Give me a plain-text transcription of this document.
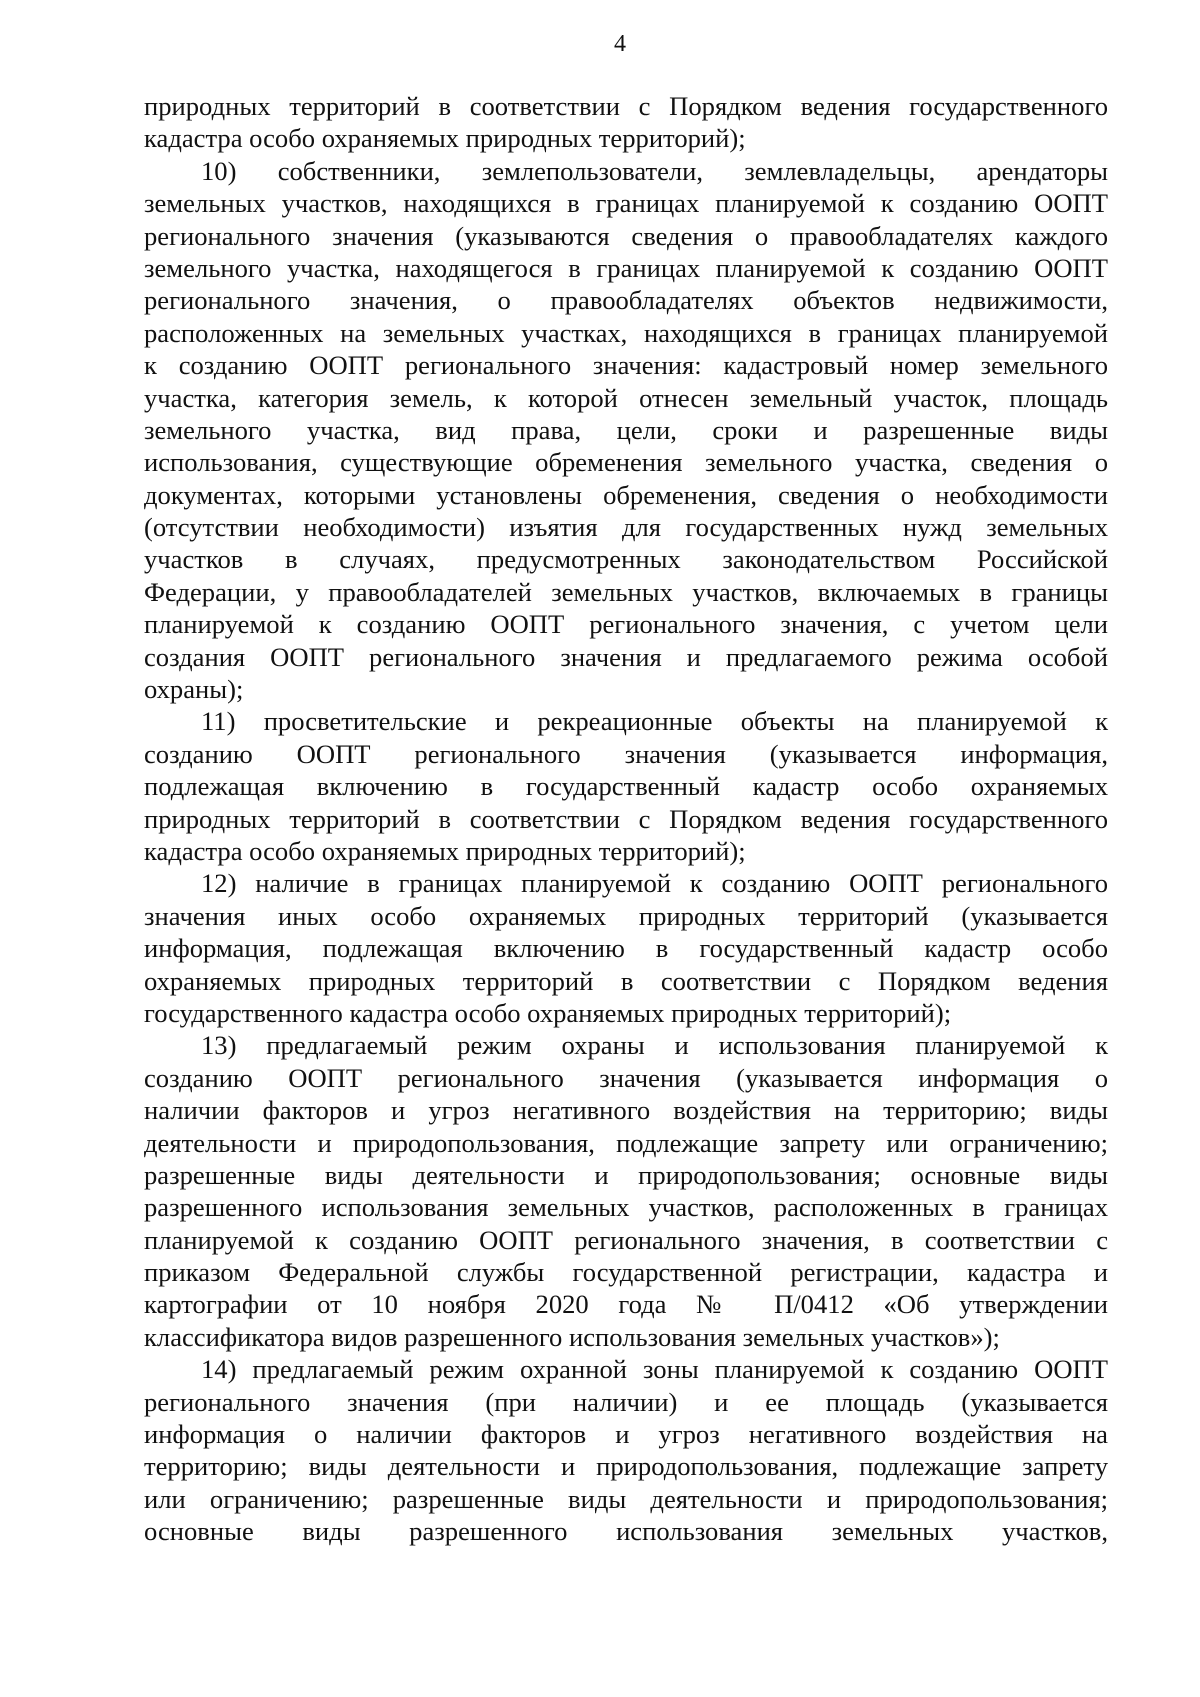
4
природных территорий в соответствии с Порядком ведения государственного
кадастра особо охраняемых природных территорий);
10) собственники, землепользователи, землевладельцы, арендаторы
земельных участков, находящихся в границах планируемой к созданию ООПТ
регионального значения (указываются сведения о правообладателях каждого
земельного участка, находящегося в границах планируемой к созданию ООПТ
регионального значения, о правообладателях объектов недвижимости,
расположенных на земельных участках, находящихся в границах планируемой
к созданию ООПТ регионального значения: кадастровый номер земельного
участка, категория земель, к которой отнесен земельный участок, площадь
земельного участка, вид права, цели, сроки и разрешенные виды
использования, существующие обременения земельного участка, сведения о
документах, которыми установлены обременения, сведения о необходимости
(отсутствии необходимости) изъятия для государственных нужд земельных
участков в случаях, предусмотренных законодательством Российской
Федерации, у правообладателей земельных участков, включаемых в границы
планируемой к созданию ООПТ регионального значения, с учетом цели
создания ООПТ регионального значения и предлагаемого режима особой
охраны);
11) просветительские и рекреационные объекты на планируемой к
созданию ООПТ регионального значения (указывается информация,
подлежащая включению в государственный кадастр особо охраняемых
природных территорий в соответствии с Порядком ведения государственного
кадастра особо охраняемых природных территорий);
12) наличие в границах планируемой к созданию ООПТ регионального
значения иных особо охраняемых природных территорий (указывается
информация, подлежащая включению в государственный кадастр особо
охраняемых природных территорий в соответствии с Порядком ведения
государственного кадастра особо охраняемых природных территорий);
13) предлагаемый режим охраны и использования планируемой к
созданию ООПТ регионального значения (указывается информация о
наличии факторов и угроз негативного воздействия на территорию; виды
деятельности и природопользования, подлежащие запрету или ограничению;
разрешенные виды деятельности и природопользования; основные виды
разрешенного использования земельных участков, расположенных в границах
планируемой к созданию ООПТ регионального значения, в соответствии с
приказом Федеральной службы государственной регистрации, кадастра и
картографии от 10 ноября 2020 года № П/0412 «Об утверждении
классификатора видов разрешенного использования земельных участков»);
14) предлагаемый режим охранной зоны планируемой к созданию ООПТ
регионального значения (при наличии) и ее площадь (указывается
информация о наличии факторов и угроз негативного воздействия на
территорию; виды деятельности и природопользования, подлежащие запрету
или ограничению; разрешенные виды деятельности и природопользования;
основные виды разрешенного использования земельных участков,
